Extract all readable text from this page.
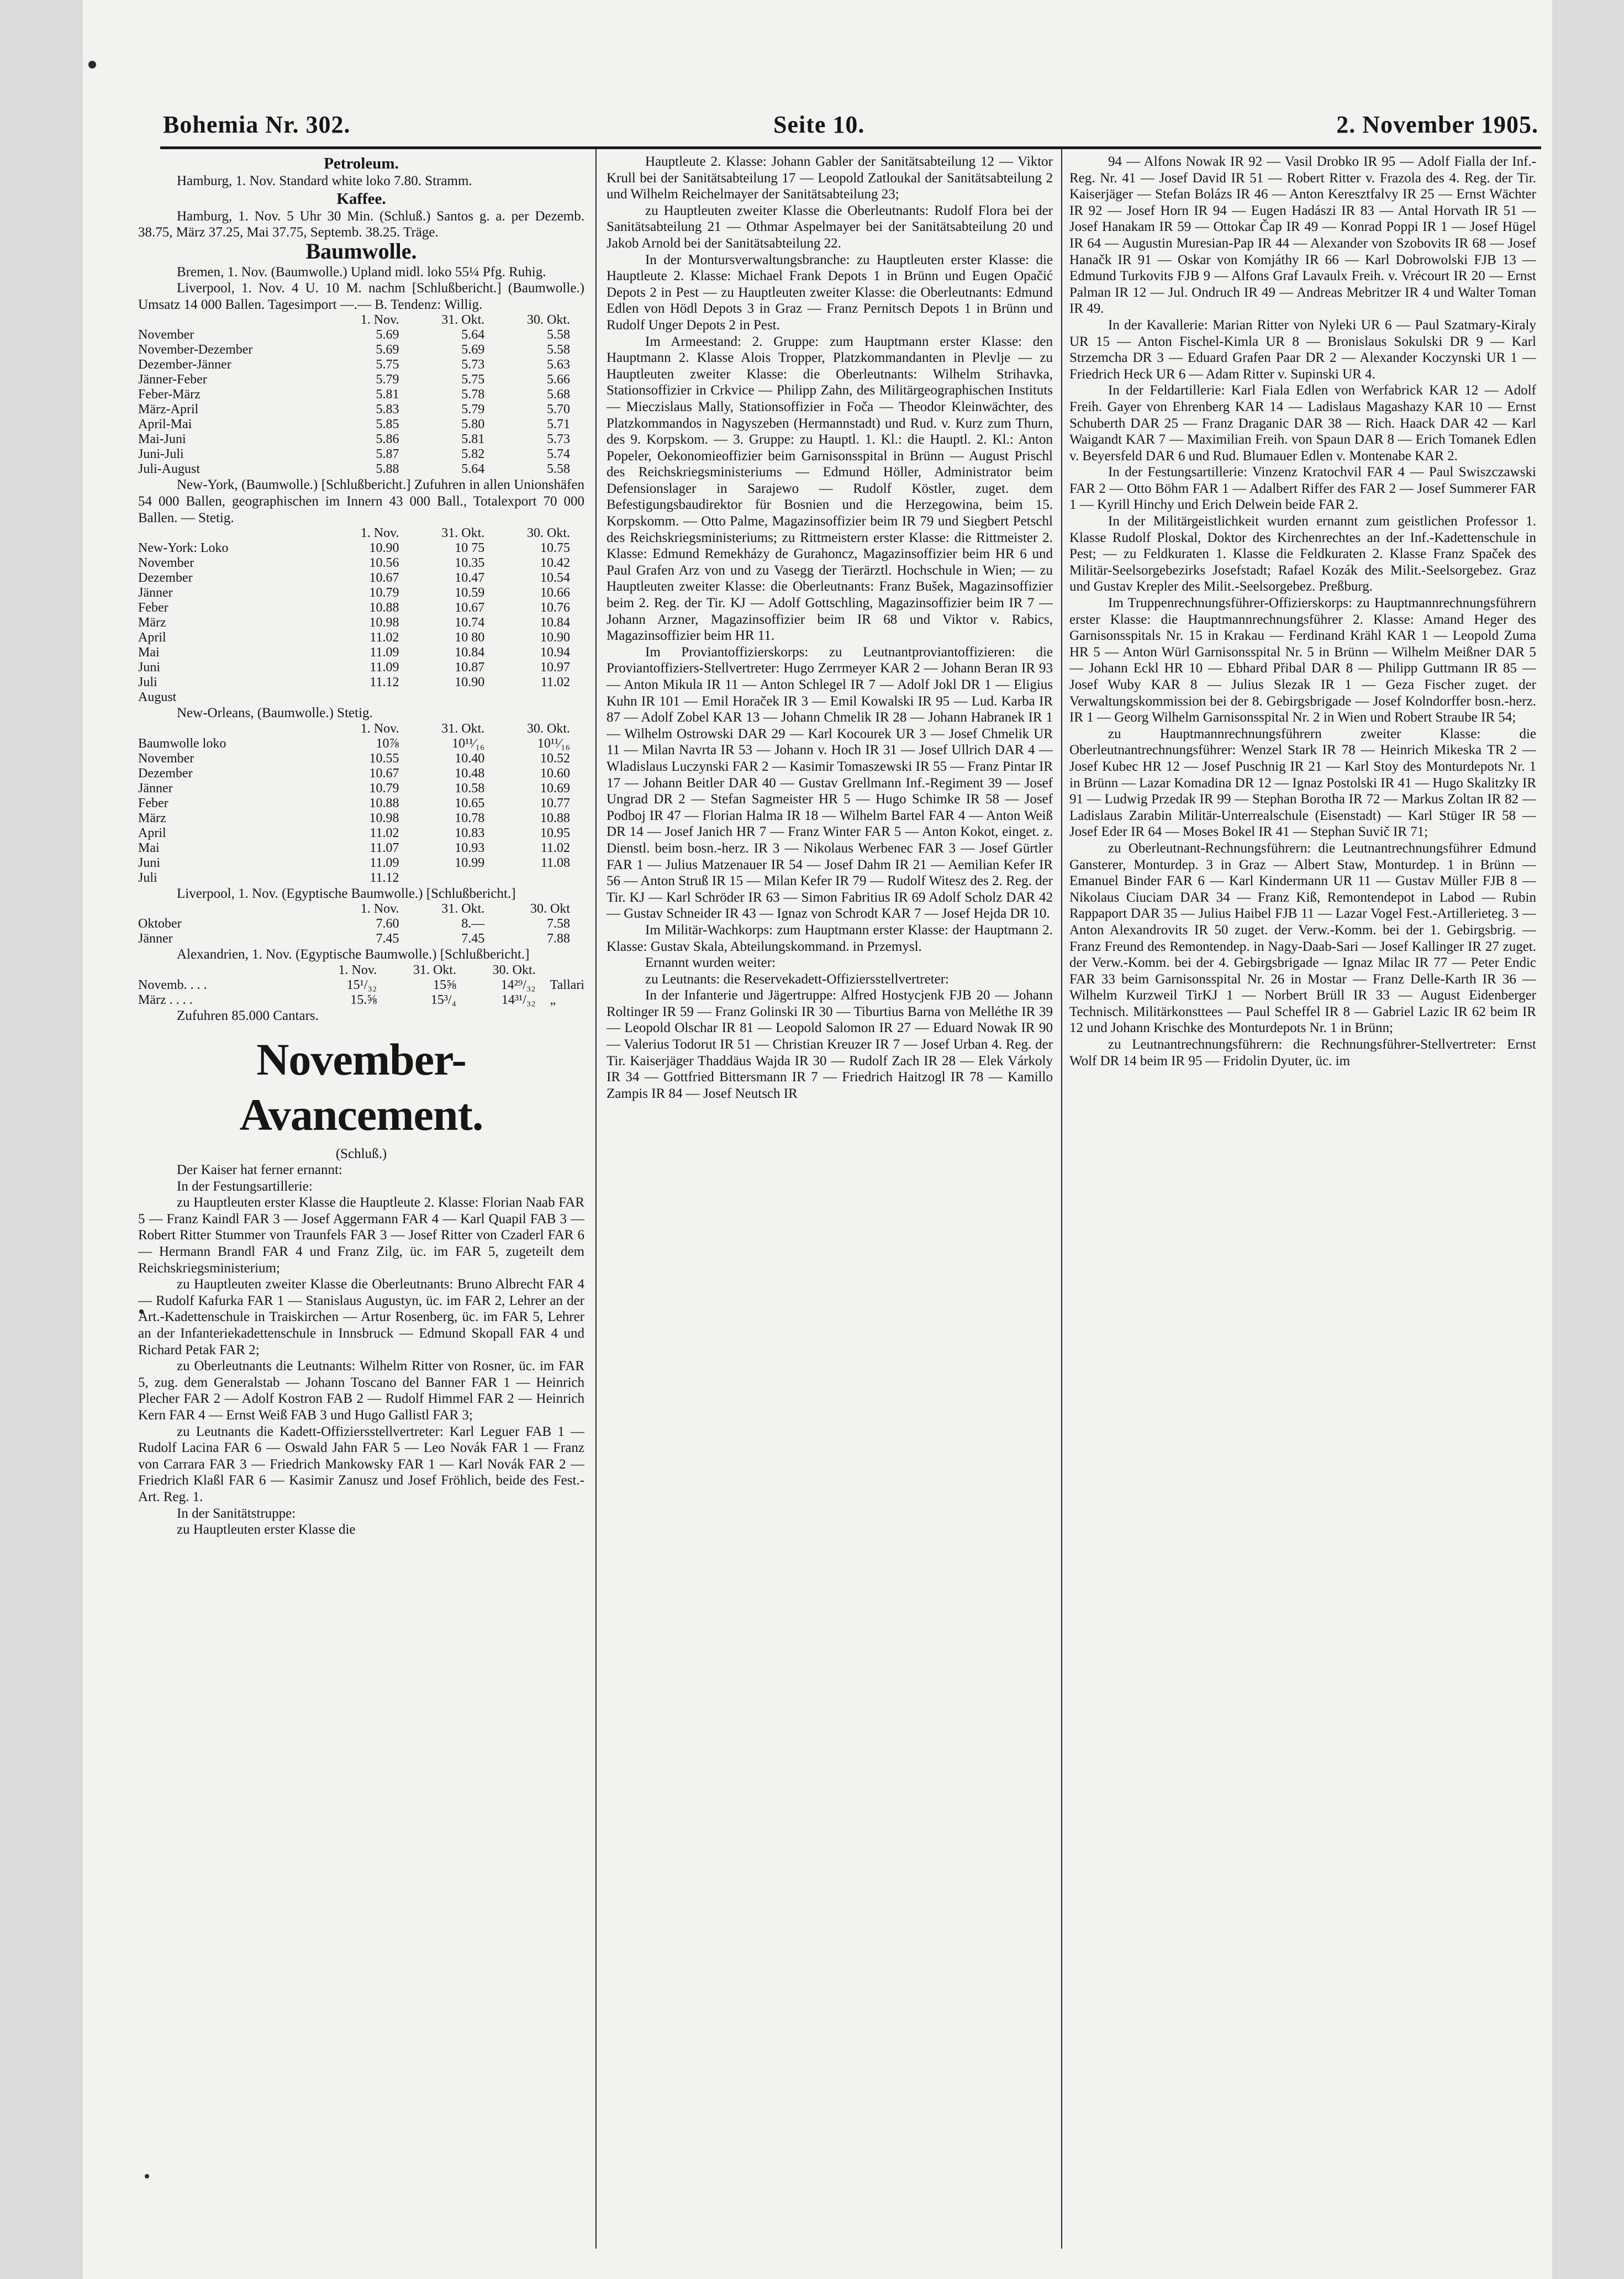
Bohemia Nr. 302.	Seite 10.	2. November 1905.
Petroleum.

Hamburg, 1. Nov. Standard white loko 7.80. Stramm.

Kaffee.

Hamburg, 1. Nov. 5 Uhr 30 Min. (Schluß.) Santos g. a. per Dezemb. 38.75, März 37.25, Mai 37.75, Septemb. 38.25. Träge.

Baumwolle.

Bremen, 1. Nov. (Baumwolle.) Upland midl. loko 55¼ Pfg. Ruhig.

Liverpool, 1. Nov. 4 U. 10 M. nachm [Schlußbericht.] (Baumwolle.) Umsatz 14 000 Ballen. Tagesimport —.— B. Tendenz: Willig.

	1. Nov.	31. Okt.	30. Okt.
November	5.69	5.64	5.58
November-Dezember	5.69	5.69	5.58
Dezember-Jänner	5.75	5.73	5.63
Jänner-Feber	5.79	5.75	5.66
Feber-März	5.81	5.78	5.68
März-April	5.83	5.79	5.70
April-Mai	5.85	5.80	5.71
Mai-Juni	5.86	5.81	5.73
Juni-Juli	5.87	5.82	5.74
Juli-August	5.88	5.64	5.58

New-York, (Baumwolle.) [Schlußbericht.] Zufuhren in allen Unionshäfen 54 000 Ballen, geographischen im Innern 43 000 Ball., Totalexport 70 000 Ballen. — Stetig.

	1. Nov.	31. Okt.	30. Okt.
New-York: Loko	10.90	10 75	10.75
November	10.56	10.35	10.42
Dezember	10.67	10.47	10.54
Jänner	10.79	10.59	10.66
Feber	10.88	10.67	10.76
März	10.98	10.74	10.84
April	11.02	10 80	10.90
Mai	11.09	10.84	10.94
Juni	11.09	10.87	10.97
Juli	11.12	10.90	11.02
August			

New-Orleans, (Baumwolle.) Stetig.

	1. Nov.	31. Okt.	30. Okt.
Baumwolle loko	10⅞	10¹¹⁄₁₆	10¹¹⁄₁₆
November	10.55	10.40	10.52
Dezember	10.67	10.48	10.60
Jänner	10.79	10.58	10.69
Feber	10.88	10.65	10.77
März	10.98	10.78	10.88
April	11.02	10.83	10.95
Mai	11.07	10.93	11.02
Juni	11.09	10.99	11.08
Juli	11.12		

Liverpool, 1. Nov. (Egyptische Baumwolle.) [Schlußbericht.]

	1. Nov.	31. Okt.	30. Okt
Oktober	7.60	8.—	7.58
Jänner	7.45	7.45	7.88

Alexandrien, 1. Nov. (Egyptische Baumwolle.) [Schlußbericht.]

	1. Nov.	31. Okt.	30. Okt.	
Novemb. . . .	15¹/₃₂	15⅝	14²⁹/₃₂	Tallari
März . . . .	15.⅝	15³/₄	14³¹/₃₂	„

Zufuhren 85.000 Cantars.

November-Avancement.

(Schluß.)

Der Kaiser hat ferner ernannt:

In der Festungsartillerie:

zu Hauptleuten erster Klasse die Hauptleute 2. Klasse: Florian Naab FAR 5 — Franz Kaindl FAR 3 — Josef Aggermann FAR 4 — Karl Quapil FAB 3 — Robert Ritter Stummer von Traunfels FAR 3 — Josef Ritter von Czaderl FAR 6 — Hermann Brandl FAR 4 und Franz Zilg, üc. im FAR 5, zugeteilt dem Reichskriegsministerium;

zu Hauptleuten zweiter Klasse die Oberleutnants: Bruno Albrecht FAR 4 — Rudolf Kafurka FAR 1 — Stanislaus Augustyn, üc. im FAR 2, Lehrer an der Art.-Kadettenschule in Traiskirchen — Artur Rosenberg, üc. im FAR 5, Lehrer an der Infanteriekadettenschule in Innsbruck — Edmund Skopall FAR 4 und Richard Petak FAR 2;

zu Oberleutnants die Leutnants: Wilhelm Ritter von Rosner, üc. im FAR 5, zug. dem Generalstab — Johann Toscano del Banner FAR 1 — Heinrich Plecher FAR 2 — Adolf Kostron FAB 2 — Rudolf Himmel FAR 2 — Heinrich Kern FAR 4 — Ernst Weiß FAB 3 und Hugo Gallistl FAR 3;

zu Leutnants die Kadett-Offiziersstellvertreter: Karl Leguer FAB 1 — Rudolf Lacina FAR 6 — Oswald Jahn FAR 5 — Leo Novák FAR 1 — Franz von Carrara FAR 3 — Friedrich Mankowsky FAR 1 — Karl Novák FAR 2 — Friedrich Klaßl FAR 6 — Kasimir Zanusz und Josef Fröhlich, beide des Fest.-Art. Reg. 1.

In der Sanitätstruppe:

zu Hauptleuten erster Klasse die

Hauptleute 2. Klasse: Johann Gabler der Sanitätsabteilung 12 — Viktor Krull bei der Sanitätsabteilung 17 — Leopold Zatloukal der Sanitätsabteilung 2 und Wilhelm Reichelmayer der Sanitätsabteilung 23;

zu Hauptleuten zweiter Klasse die Oberleutnants: Rudolf Flora bei der Sanitätsabteilung 21 — Othmar Aspelmayer bei der Sanitätsabteilung 20 und Jakob Arnold bei der Sanitätsabteilung 22.

In der Montursverwaltungsbranche: zu Hauptleuten erster Klasse: die Hauptleute 2. Klasse: Michael Frank Depots 1 in Brünn und Eugen Opačić Depots 2 in Pest — zu Hauptleuten zweiter Klasse: die Oberleutnants: Edmund Edlen von Hödl Depots 3 in Graz — Franz Pernitsch Depots 1 in Brünn und Rudolf Unger Depots 2 in Pest.

Im Armeestand: 2. Gruppe: zum Hauptmann erster Klasse: den Hauptmann 2. Klasse Alois Tropper, Platzkommandanten in Plevlje — zu Hauptleuten zweiter Klasse: die Oberleutnants: Wilhelm Strihavka, Stationsoffizier in Crkvice — Philipp Zahn, des Militärgeographischen Instituts — Mieczislaus Mally, Stationsoffizier in Foča — Theodor Kleinwächter, des Platzkommandos in Nagyszeben (Hermannstadt) und Rud. v. Kurz zum Thurn, des 9. Korpskom. — 3. Gruppe: zu Hauptl. 1. Kl.: die Hauptl. 2. Kl.: Anton Popeler, Oekonomieoffizier beim Garnisonsspital in Brünn — August Prischl des Reichskriegsministeriums — Edmund Höller, Administrator beim Defensionslager in Sarajewo — Rudolf Köstler, zuget. dem Befestigungsbaudirektor für Bosnien und die Herzegowina, beim 15. Korpskomm. — Otto Palme, Magazinsoffizier beim IR 79 und Siegbert Petschl des Reichskriegsministeriums; zu Rittmeistern erster Klasse: die Rittmeister 2. Klasse: Edmund Remekházy de Gurahoncz, Magazinsoffizier beim HR 6 und Paul Grafen Arz von und zu Vasegg der Tierärztl. Hochschule in Wien; — zu Hauptleuten zweiter Klasse: die Oberleutnants: Franz Bušek, Magazinsoffizier beim 2. Reg. der Tir. KJ — Adolf Gottschling, Magazinsoffizier beim IR 7 — Johann Arzner, Magazinsoffizier beim IR 68 und Viktor v. Rabics, Magazinsoffizier beim HR 11.

Im Proviantoffizierskorps: zu Leutnantproviantoffizieren: die Proviantoffiziers-Stellvertreter: Hugo Zerrmeyer KAR 2 — Johann Beran IR 93 — Anton Mikula IR 11 — Anton Schlegel IR 7 — Adolf Jokl DR 1 — Eligius Kuhn IR 101 — Emil Horaček IR 3 — Emil Kowalski IR 95 — Lud. Karba IR 87 — Adolf Zobel KAR 13 — Johann Chmelik IR 28 — Johann Habranek IR 1 — Wilhelm Ostrowski DAR 29 — Karl Kocourek UR 3 — Josef Chmelik UR 11 — Milan Navrta IR 53 — Johann v. Hoch IR 31 — Josef Ullrich DAR 4 — Wladislaus Luczynski FAR 2 — Kasimir Tomaszewski IR 55 — Franz Pintar IR 17 — Johann Beitler DAR 40 — Gustav Grellmann Inf.-Regiment 39 — Josef Ungrad DR 2 — Stefan Sagmeister HR 5 — Hugo Schimke IR 58 — Josef Podboj IR 47 — Florian Halma IR 18 — Wilhelm Bartel FAR 4 — Anton Weiß DR 14 — Josef Janich HR 7 — Franz Winter FAR 5 — Anton Kokot, einget. z. Dienstl. beim bosn.-herz. IR 3 — Nikolaus Werbenec FAR 3 — Josef Gürtler FAR 1 — Julius Matzenauer IR 54 — Josef Dahm IR 21 — Aemilian Kefer IR 56 — Anton Struß IR 15 — Milan Kefer IR 79 — Rudolf Witesz des 2. Reg. der Tir. KJ — Karl Schröder IR 63 — Simon Fabritius IR 69 Adolf Scholz DAR 42 — Gustav Schneider IR 43 — Ignaz von Schrodt KAR 7 — Josef Hejda DR 10.

Im Militär-Wachkorps: zum Hauptmann erster Klasse: der Hauptmann 2. Klasse: Gustav Skala, Abteilungskommand. in Przemysl.

Ernannt wurden weiter:

zu Leutnants: die Reservekadett-Offiziersstellvertreter:

In der Infanterie und Jägertruppe: Alfred Hostycjenk FJB 20 — Johann Roltinger IR 59 — Franz Golinski IR 30 — Tiburtius Barna von Melléthe IR 39 — Leopold Olschar IR 81 — Leopold Salomon IR 27 — Eduard Nowak IR 90 — Valerius Todorut IR 51 — Christian Kreuzer IR 7 — Josef Urban 4. Reg. der Tir. Kaiserjäger Thaddäus Wajda IR 30 — Rudolf Zach IR 28 — Elek Várkoly IR 34 — Gottfried Bittersmann IR 7 — Friedrich Haitzogl IR 78 — Kamillo Zampis IR 84 — Josef Neutsch IR

94 — Alfons Nowak IR 92 — Vasil Drobko IR 95 — Adolf Fialla der Inf.-Reg. Nr. 41 — Josef David IR 51 — Robert Ritter v. Frazola des 4. Reg. der Tir. Kaiserjäger — Stefan Bolázs IR 46 — Anton Keresztfalvy IR 25 — Ernst Wächter IR 92 — Josef Horn IR 94 — Eugen Hadászi IR 83 — Antal Horvath IR 51 — Josef Hanakam IR 59 — Ottokar Čap IR 49 — Konrad Poppi IR 1 — Josef Hügel IR 64 — Augustin Muresian-Pap IR 44 — Alexander von Szobovits IR 68 — Josef Hanačk IR 91 — Oskar von Komjáthy IR 66 — Karl Dobrowolski FJB 13 — Edmund Turkovits FJB 9 — Alfons Graf Lavaulx Freih. v. Vrécourt IR 20 — Ernst Palman IR 12 — Jul. Ondruch IR 49 — Andreas Mebritzer IR 4 und Walter Toman IR 49.

In der Kavallerie: Marian Ritter von Nyleki UR 6 — Paul Szatmary-Kiraly UR 15 — Anton Fischel-Kimla UR 8 — Bronislaus Sokulski DR 9 — Karl Strzemcha DR 3 — Eduard Grafen Paar DR 2 — Alexander Koczynski UR 1 — Friedrich Heck UR 6 — Adam Ritter v. Supinski UR 4.

In der Feldartillerie: Karl Fiala Edlen von Werfabrick KAR 12 — Adolf Freih. Gayer von Ehrenberg KAR 14 — Ladislaus Magashazy KAR 10 — Ernst Schuberth DAR 25 — Franz Draganic DAR 38 — Rich. Haack DAR 42 — Karl Waigandt KAR 7 — Maximilian Freih. von Spaun DAR 8 — Erich Tomanek Edlen v. Beyersfeld DAR 6 und Rud. Blumauer Edlen v. Montenabe KAR 2.

In der Festungsartillerie: Vinzenz Kratochvil FAR 4 — Paul Swiszczawski FAR 2 — Otto Böhm FAR 1 — Adalbert Riffer des FAR 2 — Josef Summerer FAR 1 — Kyrill Hinchy und Erich Delwein beide FAR 2.

In der Militärgeistlichkeit wurden ernannt zum geistlichen Professor 1. Klasse Rudolf Ploskal, Doktor des Kirchenrechtes an der Inf.-Kadettenschule in Pest; — zu Feldkuraten 1. Klasse die Feldkuraten 2. Klasse Franz Spaček des Militär-Seelsorgebezirks Josefstadt; Rafael Kozák des Milit.-Seelsorgebez. Graz und Gustav Krepler des Milit.-Seelsorgebez. Preßburg.

Im Truppenrechnungsführer-Offizierskorps: zu Hauptmannrechnungsführern erster Klasse: die Hauptmannrechnungsführer 2. Klasse: Amand Heger des Garnisonsspitals Nr. 15 in Krakau — Ferdinand Krähl KAR 1 — Leopold Zuma HR 5 — Anton Würl Garnisonsspital Nr. 5 in Brünn — Wilhelm Meißner DAR 5 — Johann Eckl HR 10 — Ebhard Přibal DAR 8 — Philipp Guttmann IR 85 — Josef Wuby KAR 8 — Julius Slezak IR 1 — Geza Fischer zuget. der Verwaltungskommission bei der 8. Gebirgsbrigade — Josef Kolndorffer bosn.-herz. IR 1 — Georg Wilhelm Garnisonsspital Nr. 2 in Wien und Robert Straube IR 54;

zu Hauptmannrechnungsführern zweiter Klasse: die Oberleutnantrechnungsführer: Wenzel Stark IR 78 — Heinrich Mikeska TR 2 — Josef Kubec HR 12 — Josef Puschnig IR 21 — Karl Stoy des Monturdepots Nr. 1 in Brünn — Lazar Komadina DR 12 — Ignaz Postolski IR 41 — Hugo Skalitzky IR 91 — Ludwig Przedak IR 99 — Stephan Borotha IR 72 — Markus Zoltan IR 82 — Ladislaus Zarabin Militär-Unterrealschule (Eisenstadt) — Karl Stüger IR 58 — Josef Eder IR 64 — Moses Bokel IR 41 — Stephan Suvič IR 71;

zu Oberleutnant-Rechnungsführern: die Leutnantrechnungsführer Edmund Gansterer, Monturdep. 3 in Graz — Albert Staw, Monturdep. 1 in Brünn — Emanuel Binder FAR 6 — Karl Kindermann UR 11 — Gustav Müller FJB 8 — Nikolaus Ciuciam DAR 34 — Franz Kiß, Remontendepot in Labod — Rubin Rappaport DAR 35 — Julius Haibel FJB 11 — Lazar Vogel Fest.-Artillerieteg. 3 — Anton Alexandrovits IR 50 zuget. der Verw.-Komm. bei der 1. Gebirgsbrig. — Franz Freund des Remontendep. in Nagy-Daab-Sari — Josef Kallinger IR 27 zuget. der Verw.-Komm. bei der 4. Gebirgsbrigade — Ignaz Milac IR 77 — Peter Endic FAR 33 beim Garnisonsspital Nr. 26 in Mostar — Franz Delle-Karth IR 36 — Wilhelm Kurzweil TirKJ 1 — Norbert Brüll IR 33 — August Eidenberger Technisch. Militärkonsttees — Paul Scheffel IR 8 — Gabriel Lazic IR 62 beim IR 12 und Johann Krischke des Monturdepots Nr. 1 in Brünn;

zu Leutnantrechnungsführern: die Rechnungsführer-Stellvertreter: Ernst Wolf DR 14 beim IR 95 — Fridolin Dyuter, üc. im
